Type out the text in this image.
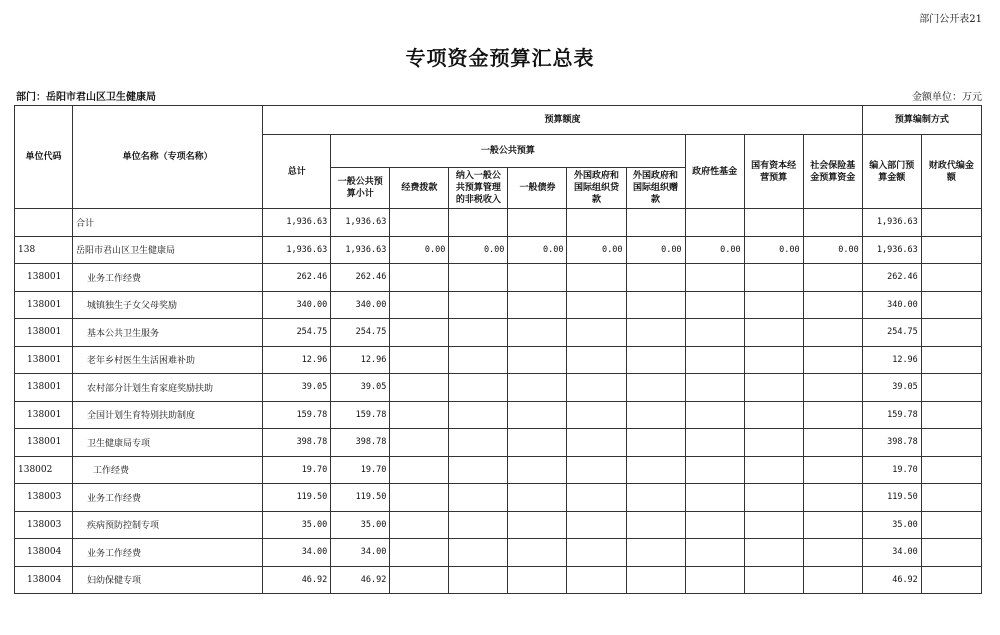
部门公开表21
专项资金预算汇总表
部门：岳阳市君山区卫生健康局	金额单位：万元
单位代码	单位名称（专项名称）	预算额度										预算编制方式	
		总计	一般公共预算						政府性基金	国有资本经营预算	社会保险基金预算资金	编入部门预算金额	财政代编金额
			一般公共预算小计	经费拨款	纳入一般公共预算管理的非税收入	一般债券	外国政府和国际组织贷款	外国政府和国际组织赠款					
	合计	1,936.63	1,936.63									1,936.63	
138	岳阳市君山区卫生健康局	1,936.63	1,936.63	0.00	0.00	0.00	0.00	0.00	0.00	0.00	0.00	1,936.63	
138001	业务工作经费	262.46	262.46									262.46	
138001	城镇独生子女父母奖励	340.00	340.00									340.00	
138001	基本公共卫生服务	254.75	254.75									254.75	
138001	老年乡村医生生活困难补助	12.96	12.96									12.96	
138001	农村部分计划生育家庭奖励扶助	39.05	39.05									39.05	
138001	全国计划生育特别扶助制度	159.78	159.78									159.78	
138001	卫生健康局专项	398.78	398.78									398.78	
138002	工作经费	19.70	19.70									19.70	
138003	业务工作经费	119.50	119.50									119.50	
138003	疾病预防控制专项	35.00	35.00									35.00	
138004	业务工作经费	34.00	34.00									34.00	
138004	妇幼保健专项	46.92	46.92									46.92	
